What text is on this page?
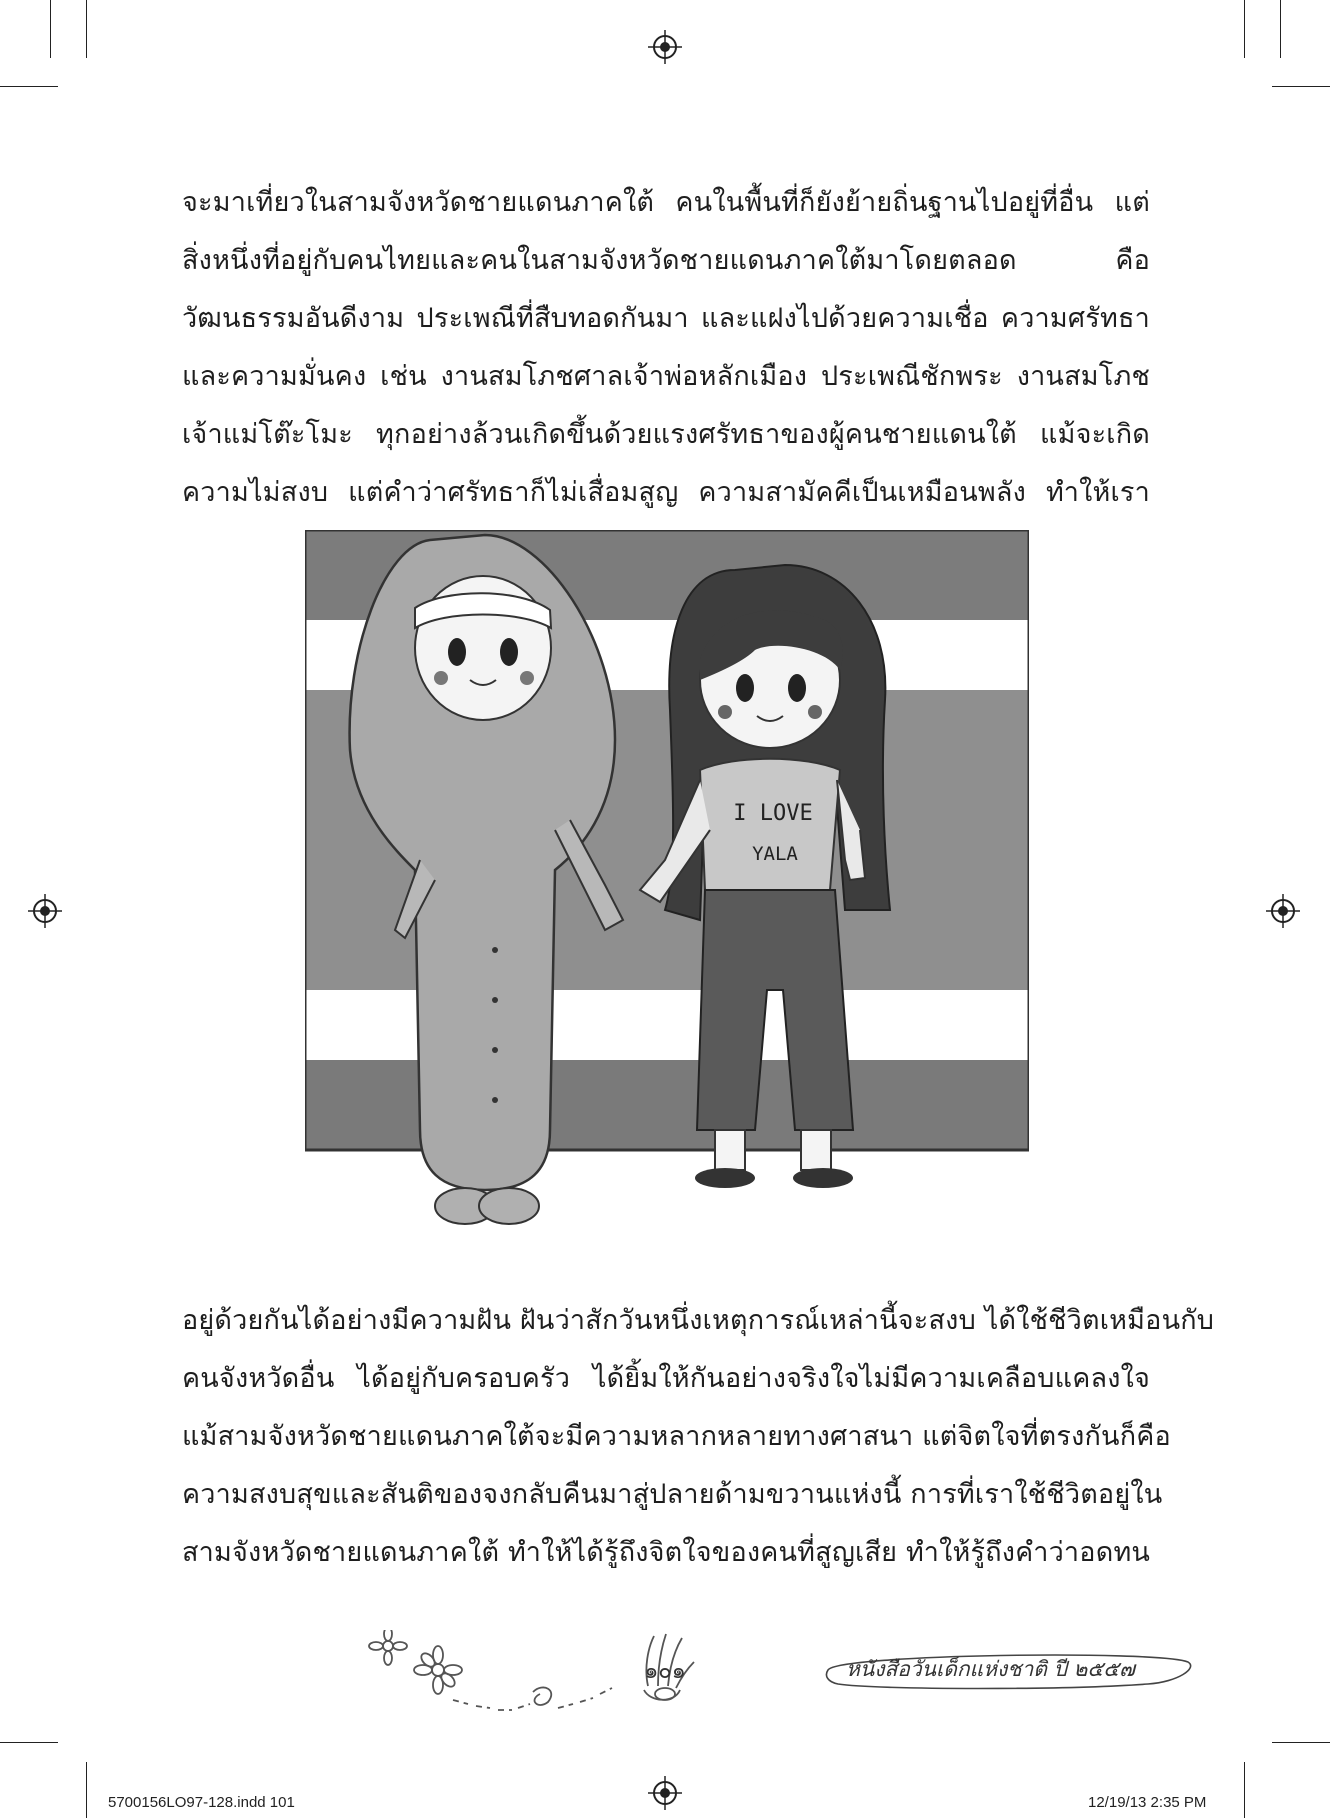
จะมาเที่ยวในสามจังหวัดชายแดนภาคใต้ คนในพื้นที่ก็ยังย้ายถิ่นฐานไปอยู่ที่อื่น แต่
สิ่งหนึ่งที่อยู่กับคนไทยและคนในสามจังหวัดชายแดนภาคใต้มาโดยตลอด คือ
วัฒนธรรมอันดีงาม ประเพณีที่สืบทอดกันมา และแฝงไปด้วยความเชื่อ ความศรัทธา
และความมั่นคง เช่น งานสมโภชศาลเจ้าพ่อหลักเมือง ประเพณีชักพระ งานสมโภช
เจ้าแม่โต๊ะโมะ ทุกอย่างล้วนเกิดขึ้นด้วยแรงศรัทธาของผู้คนชายแดนใต้ แม้จะเกิด
ความไม่สงบ แต่คำว่าศรัทธาก็ไม่เสื่อมสูญ ความสามัคคีเป็นเหมือนพลัง ทำให้เรา
I LOVE
YALA
อยู่ด้วยกันได้อย่างมีความฝัน ฝันว่าสักวันหนึ่งเหตุการณ์เหล่านี้จะสงบ ได้ใช้ชีวิตเหมือนกับ
คนจังหวัดอื่น ได้อยู่กับครอบครัว ได้ยิ้มให้กันอย่างจริงใจไม่มีความเคลือบแคลงใจ
แม้สามจังหวัดชายแดนภาคใต้จะมีความหลากหลายทางศาสนา แต่จิตใจที่ตรงกันก็คือ
ความสงบสุขและสันติของจงกลับคืนมาสู่ปลายด้ามขวานแห่งนี้ การที่เราใช้ชีวิตอยู่ใน
สามจังหวัดชายแดนภาคใต้ ทำให้ได้รู้ถึงจิตใจของคนที่สูญเสีย ทำให้รู้ถึงคำว่าอดทน
๑๐๑	หนังสือวันเด็กแห่งชาติ ปี ๒๕๕๗
5700156LO97-128.indd 101	12/19/13 2:35 PM
